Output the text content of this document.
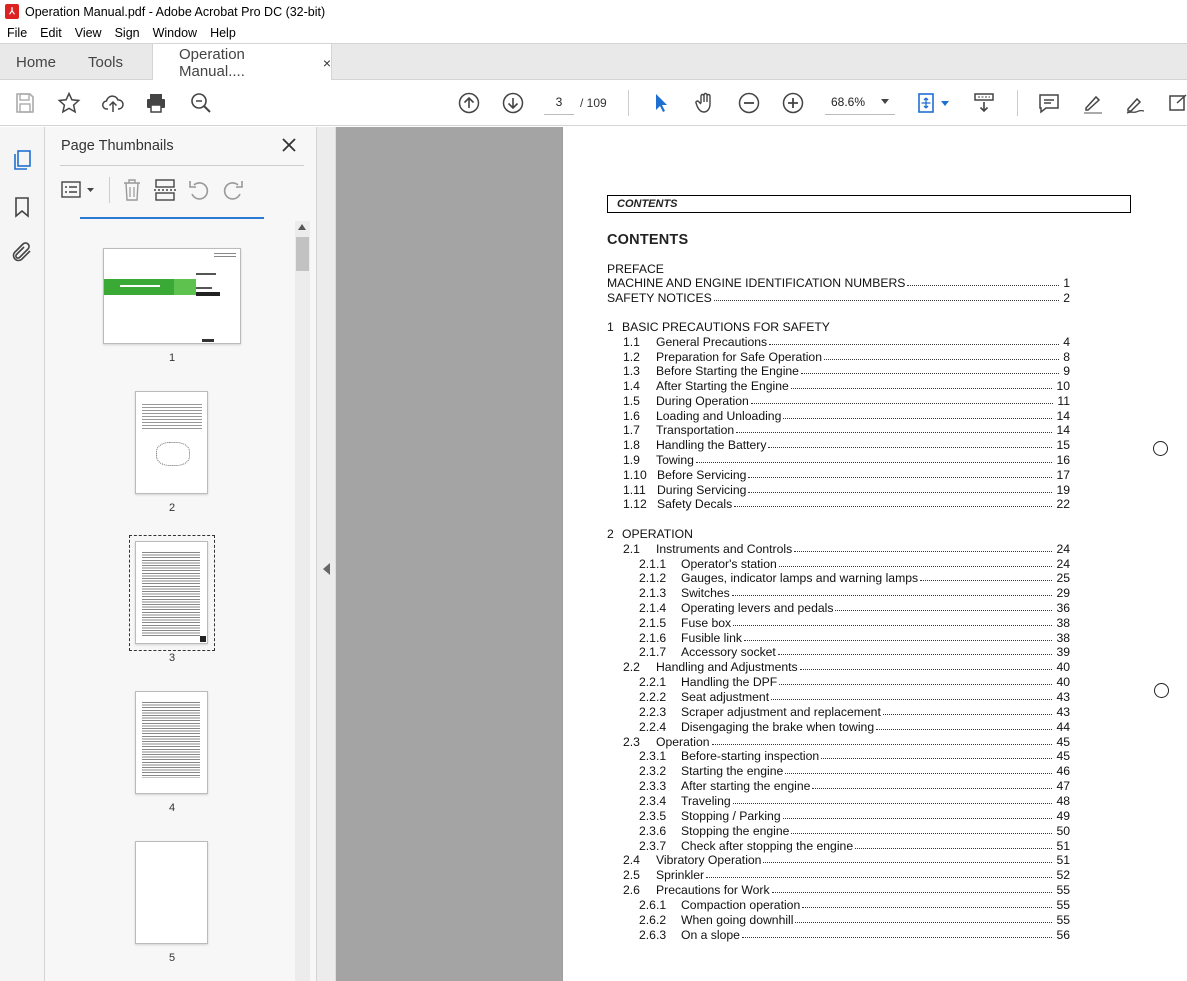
⅄ Operation Manual.pdf - Adobe Acrobat Pro DC (32-bit)
File Edit View Sign Window Help
Home Tools	Operation Manual....	×
3	/ 109	68.6%
Page Thumbnails
1
2
3
4
5
CONTENTS
CONTENTS
PREFACE
MACHINE AND ENGINE IDENTIFICATION NUMBERS	1
SAFETY NOTICES	2
1 BASIC PRECAUTIONS FOR SAFETY
1.1 General Precautions	4
1.2 Preparation for Safe Operation	8
1.3 Before Starting the Engine	9
1.4 After Starting the Engine	10
1.5 During Operation	11
1.6 Loading and Unloading	14
1.7 Transportation	14
1.8 Handling the Battery	15
1.9 Towing	16
1.10 Before Servicing	17
1.11 During Servicing	19
1.12 Safety Decals	22
2 OPERATION
2.1 Instruments and Controls	24
2.1.1 Operator's station	24
2.1.2 Gauges, indicator lamps and warning lamps	25
2.1.3 Switches	29
2.1.4 Operating levers and pedals	36
2.1.5 Fuse box	38
2.1.6 Fusible link	38
2.1.7 Accessory socket	39
2.2 Handling and Adjustments	40
2.2.1 Handling the DPF	40
2.2.2 Seat adjustment	43
2.2.3 Scraper adjustment and replacement	43
2.2.4 Disengaging the brake when towing	44
2.3 Operation	45
2.3.1 Before-starting inspection	45
2.3.2 Starting the engine	46
2.3.3 After starting the engine	47
2.3.4 Traveling	48
2.3.5 Stopping / Parking	49
2.3.6 Stopping the engine	50
2.3.7 Check after stopping the engine	51
2.4 Vibratory Operation	51
2.5 Sprinkler	52
2.6 Precautions for Work	55
2.6.1 Compaction operation	55
2.6.2 When going downhill	55
2.6.3 On a slope	56
